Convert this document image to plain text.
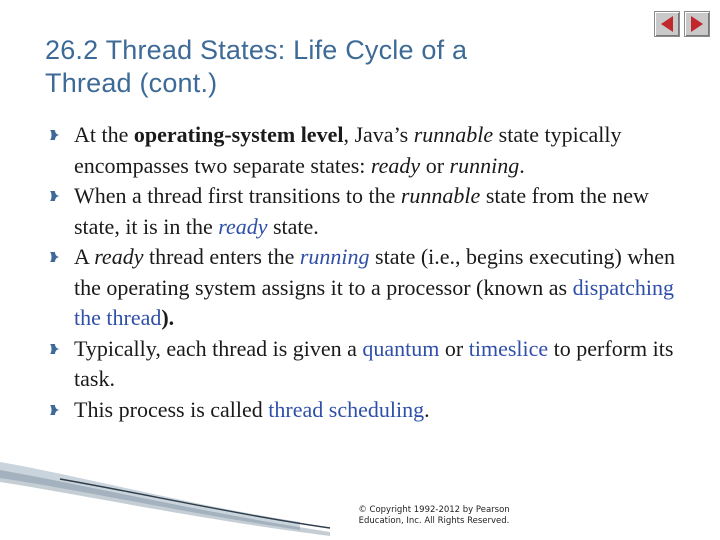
26.2 Thread States: Life Cycle of a
Thread (cont.)
At the operating-system level, Java’s runnable state typically encompasses two separate states: ready or running.
When a thread first transitions to the runnable state from the new state, it is in the ready state.
A ready thread enters the running state (i.e., begins executing) when the operating system assigns it to a processor (known as dispatching the thread).
Typically, each thread is given a quantum or timeslice to perform its task.
This process is called thread scheduling.
© Copyright 1992-2012 by Pearson
Education, Inc. All Rights Reserved.
